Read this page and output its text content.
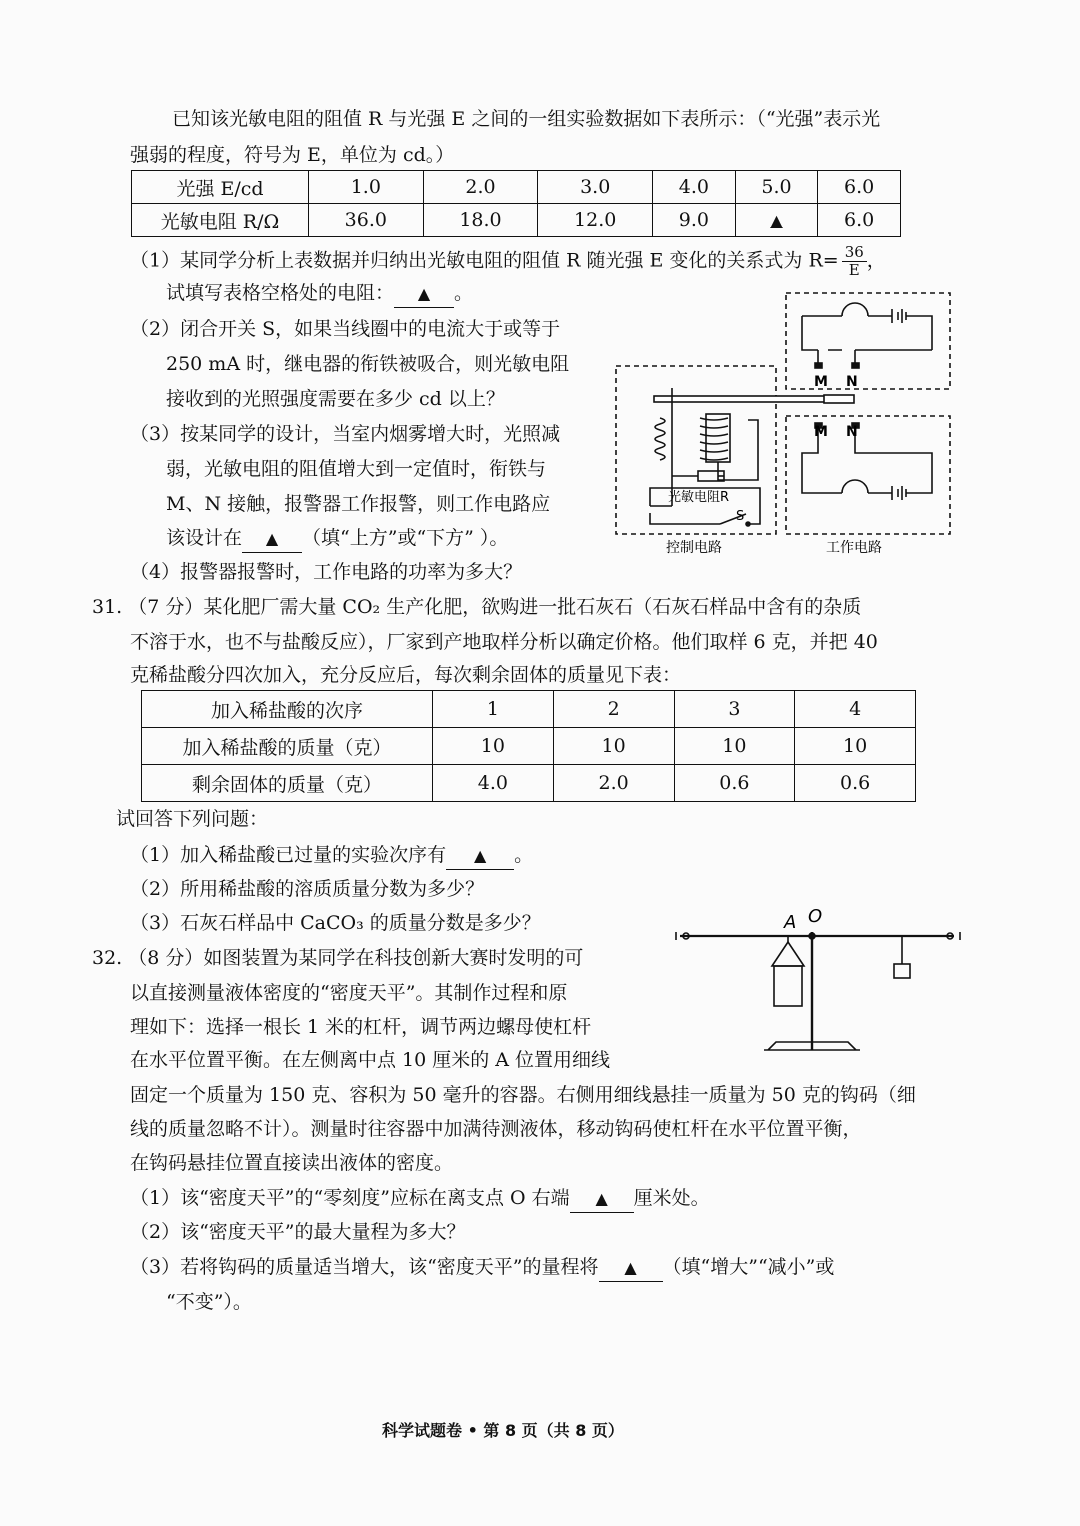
已知该光敏电阻的阻值 R 与光强 E 之间的一组实验数据如下表所示：（“光强”表示光
强弱的程度，符号为 E，单位为 cd。）
光强 E/cd	1.0	2.0	3.0	4.0	5.0	6.0
光敏电阻 R/Ω	36.0	18.0	12.0	9.0	▲	6.0
（1）某同学分析上表数据并归纳出光敏电阻的阻值 R 随光强 E 变化的关系式为 $R= \frac{36}{E}$ ，
试填写表格空格处的电阻： ▲ 。
（2）闭合开关 S，如果当线圈中的电流大于或等于
250 mA 时，继电器的衔铁被吸合，则光敏电阻
接收到的光照强度需要在多少 cd 以上？
（3）按某同学的设计，当室内烟雾增大时，光照减
弱，光敏电阻的阻值增大到一定值时，衔铁与
M、N 接触，报警器工作报警，则工作电路应
该设计在 ▲ （填“上方”或“下方” ）。
（4）报警器报警时，工作电路的功率为多大？
M N
M N
光敏电阻R
S
控制电路	工作电路
31. （7 分）某化肥厂需大量 CO₂ 生产化肥，欲购进一批石灰石（石灰石样品中含有的杂质
不溶于水，也不与盐酸反应），厂家到产地取样分析以确定价格。他们取样 6 克，并把 40
克稀盐酸分四次加入，充分反应后，每次剩余固体的质量见下表：
加入稀盐酸的次序	1	2	3	4
加入稀盐酸的质量（克）	10	10	10	10
剩余固体的质量（克）	4.0	2.0	0.6	0.6
试回答下列问题：
（1）加入稀盐酸已过量的实验次序有 ▲ 。
（2）所用稀盐酸的溶质质量分数为多少？
（3）石灰石样品中 CaCO₃ 的质量分数是多少？
32. （8 分）如图装置为某同学在科技创新大赛时发明的可
以直接测量液体密度的“密度天平”。其制作过程和原
理如下：选择一根长 1 米的杠杆，调节两边螺母使杠杆
在水平位置平衡。在左侧离中点 10 厘米的 A 位置用细线
固定一个质量为 150 克、容积为 50 毫升的容器。右侧用细线悬挂一质量为 50 克的钩码（细
线的质量忽略不计）。测量时往容器中加满待测液体，移动钩码使杠杆在水平位置平衡，
在钩码悬挂位置直接读出液体的密度。
A O
（1）该“密度天平”的“零刻度”应标在离支点 O 右端 ▲ 厘米处。
（2）该“密度天平”的最大量程为多大？
（3）若将钩码的质量适当增大，该“密度天平”的量程将 ▲ （填“增大”“减小”或
“不变”）。
科学试题卷 • 第 8 页（共 8 页）
